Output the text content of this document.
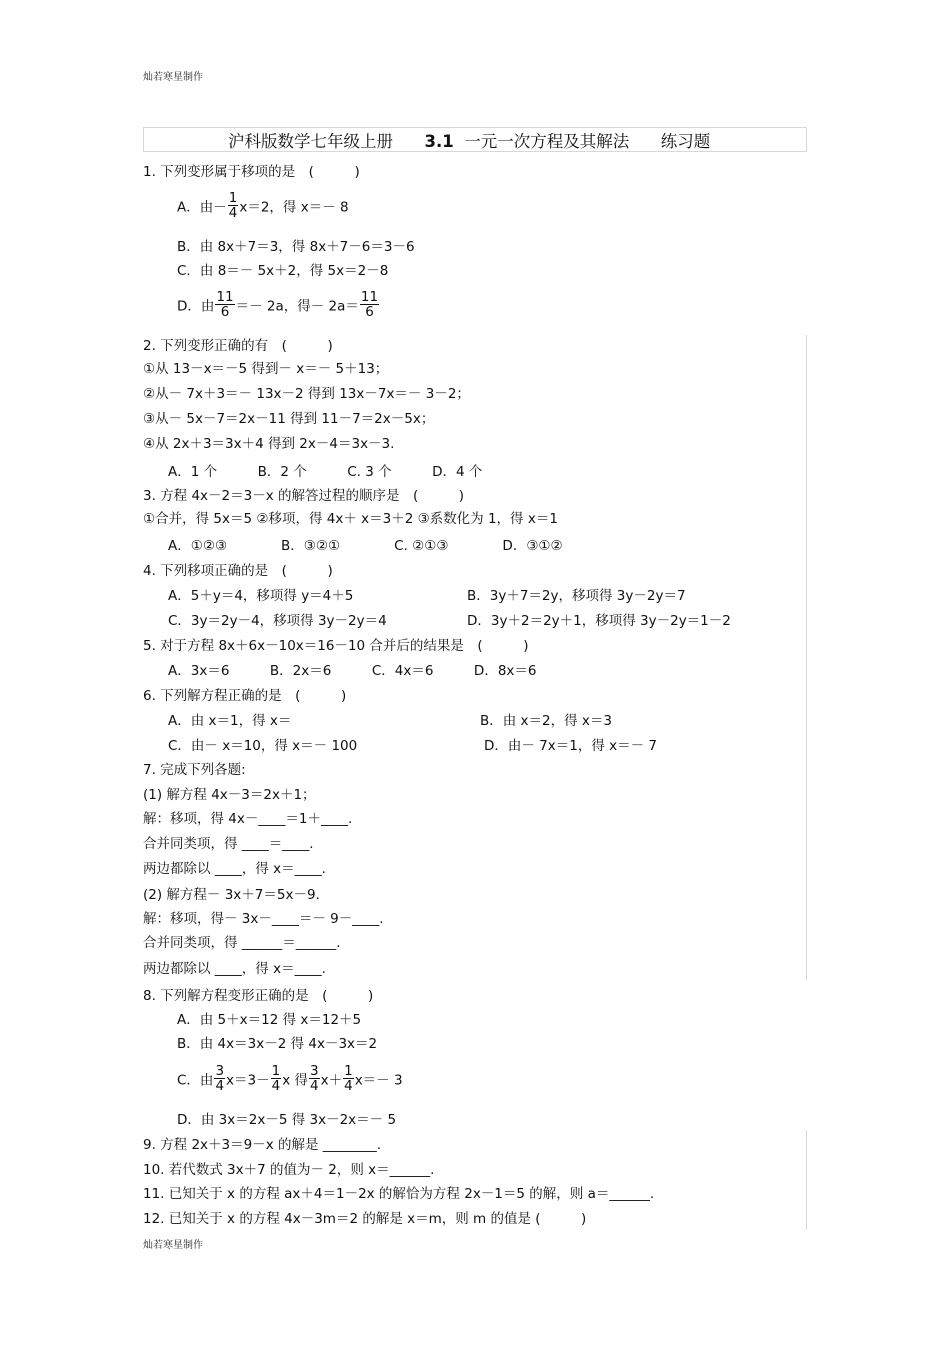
灿若寒星制作
沪科版数学七年级上册 3.1 一元一次方程及其解法 练习题
1. 下列变形属于移项的是　(　　　)
A．由－ $\frac{1}{4} x=2$，得 x＝－ 8
B．由 8x＋7＝3，得 8x＋7－6＝3－6
C．由 8＝－ 5x＋2，得 5x＝2－8
D．由 $\frac{11}{6} =- 2a$，得－ $2a= \frac{11}{6}$
2. 下列变形正确的有　(　　　)
①从 13－x＝－5 得到－ x＝－ 5＋13；
②从－ 7x＋3＝－ 13x－2 得到 13x－7x＝－ 3－2；
③从－ 5x－7＝2x－11 得到 11－7＝2x－5x；
④从 2x＋3＝3x＋4 得到 2x－4＝3x－3.
A．1 个　　　B．2 个　　　C. 3 个　　　D．4 个
3. 方程 4x－2＝3－x 的解答过程的顺序是　(　　　)
①合并，得 5x＝5 ②移项，得 4x＋ x＝3＋2 ③系数化为 1，得 x＝1
A．①②③　　　　B．③②①　　　　C. ②①③　　　　D．③①②
4. 下列移项正确的是　(　　　)
A．5＋y＝4，移项得 y＝4＋5	B．3y＋7＝2y，移项得 3y－2y＝7
C．3y＝2y－4，移项得 3y－2y＝4	D．3y＋2＝2y＋1，移项得 3y－2y＝1－2
5. 对于方程 8x＋6x－10x＝16－10 合并后的结果是　(　　　)
A．3x＝6　　　B．2x＝6　　　C．4x＝6　　　D．8x＝6
6. 下列解方程正确的是　(　　　)
A．由 x＝1，得 x＝	B．由 x＝2，得 x＝3
C．由－ x＝10，得 x＝－ 100	D．由－ 7x＝1，得 x＝－ 7
7. 完成下列各题:
(1) 解方程 4x－3＝2x＋1；
解：移项，得 4x－____＝1＋____.
合并同类项，得 ____＝____.
两边都除以 ____，得 x＝____.
(2) 解方程－ 3x＋7＝5x－9.
解：移项，得－ 3x－____＝－ 9－____.
合并同类项，得 ______＝______.
两边都除以 ____，得 x＝____.
8. 下列解方程变形正确的是　(　　　)
A．由 5＋x＝12 得 x＝12＋5
B．由 4x＝3x－2 得 4x－3x＝2
C．由 $\frac{3}{4} x=3- \frac{1}{4}$ x 得 $\frac{3}{4} x+ \frac{1}{4} x=- 3$
D．由 3x＝2x－5 得 3x－2x＝－ 5
9. 方程 2x＋3＝9－x 的解是 ________.
10. 若代数式 3x＋7 的值为－ 2，则 x＝______.
11. 已知关于 x 的方程 ax＋4＝1－2x 的解恰为方程 2x－1＝5 的解，则 a＝______.
12. 已知关于 x 的方程 4x－3m＝2 的解是 x＝m，则 m 的值是 (　　　)
灿若寒星制作
